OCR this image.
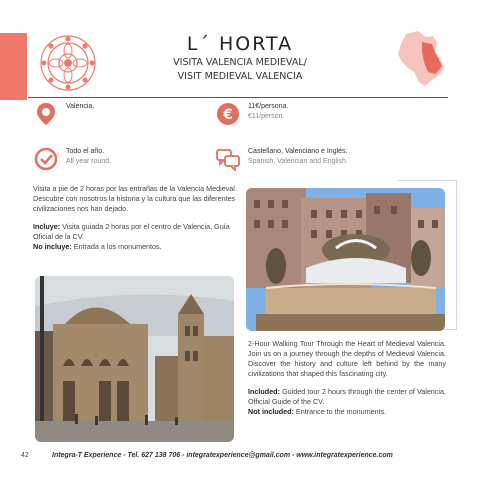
L´ HORTA
VISITA VALENCIA MEDIEVAL/
VISIT MEDIEVAL VALENCIA
Valencia.
€
11€/persona.
€11/person.
Todo el año.
All year round.
Castellano, Valenciano e Inglés.
Spanish, Valencian and English.

Visita a pie de 2 horas por las entrañas de la Valencia Medieval. Descubre con nosotros la historia y la cultura que las diferentes civilizaciones nos han dejado.

Incluye: Visita guiada 2 horas por el centro de Valencia, Guía Oficial de la CV.
No incluye: Entrada a los monumentos.

2-Hour Walking Tour Through the Heart of Medieval Valencia. Join us on a journey through the depths of Medieval Valencia. Discover the history and culture left behind by the many civilizations that shaped this fascinating city.

Included: Guided tour 2 hours through the center of Valencia, Official Guide of the CV.
Not included: Entrance to the monuments.

42	Integra-T Experience - Tel. 627 138 706 - integratexperience@gmail.com - www.integratexperience.com
